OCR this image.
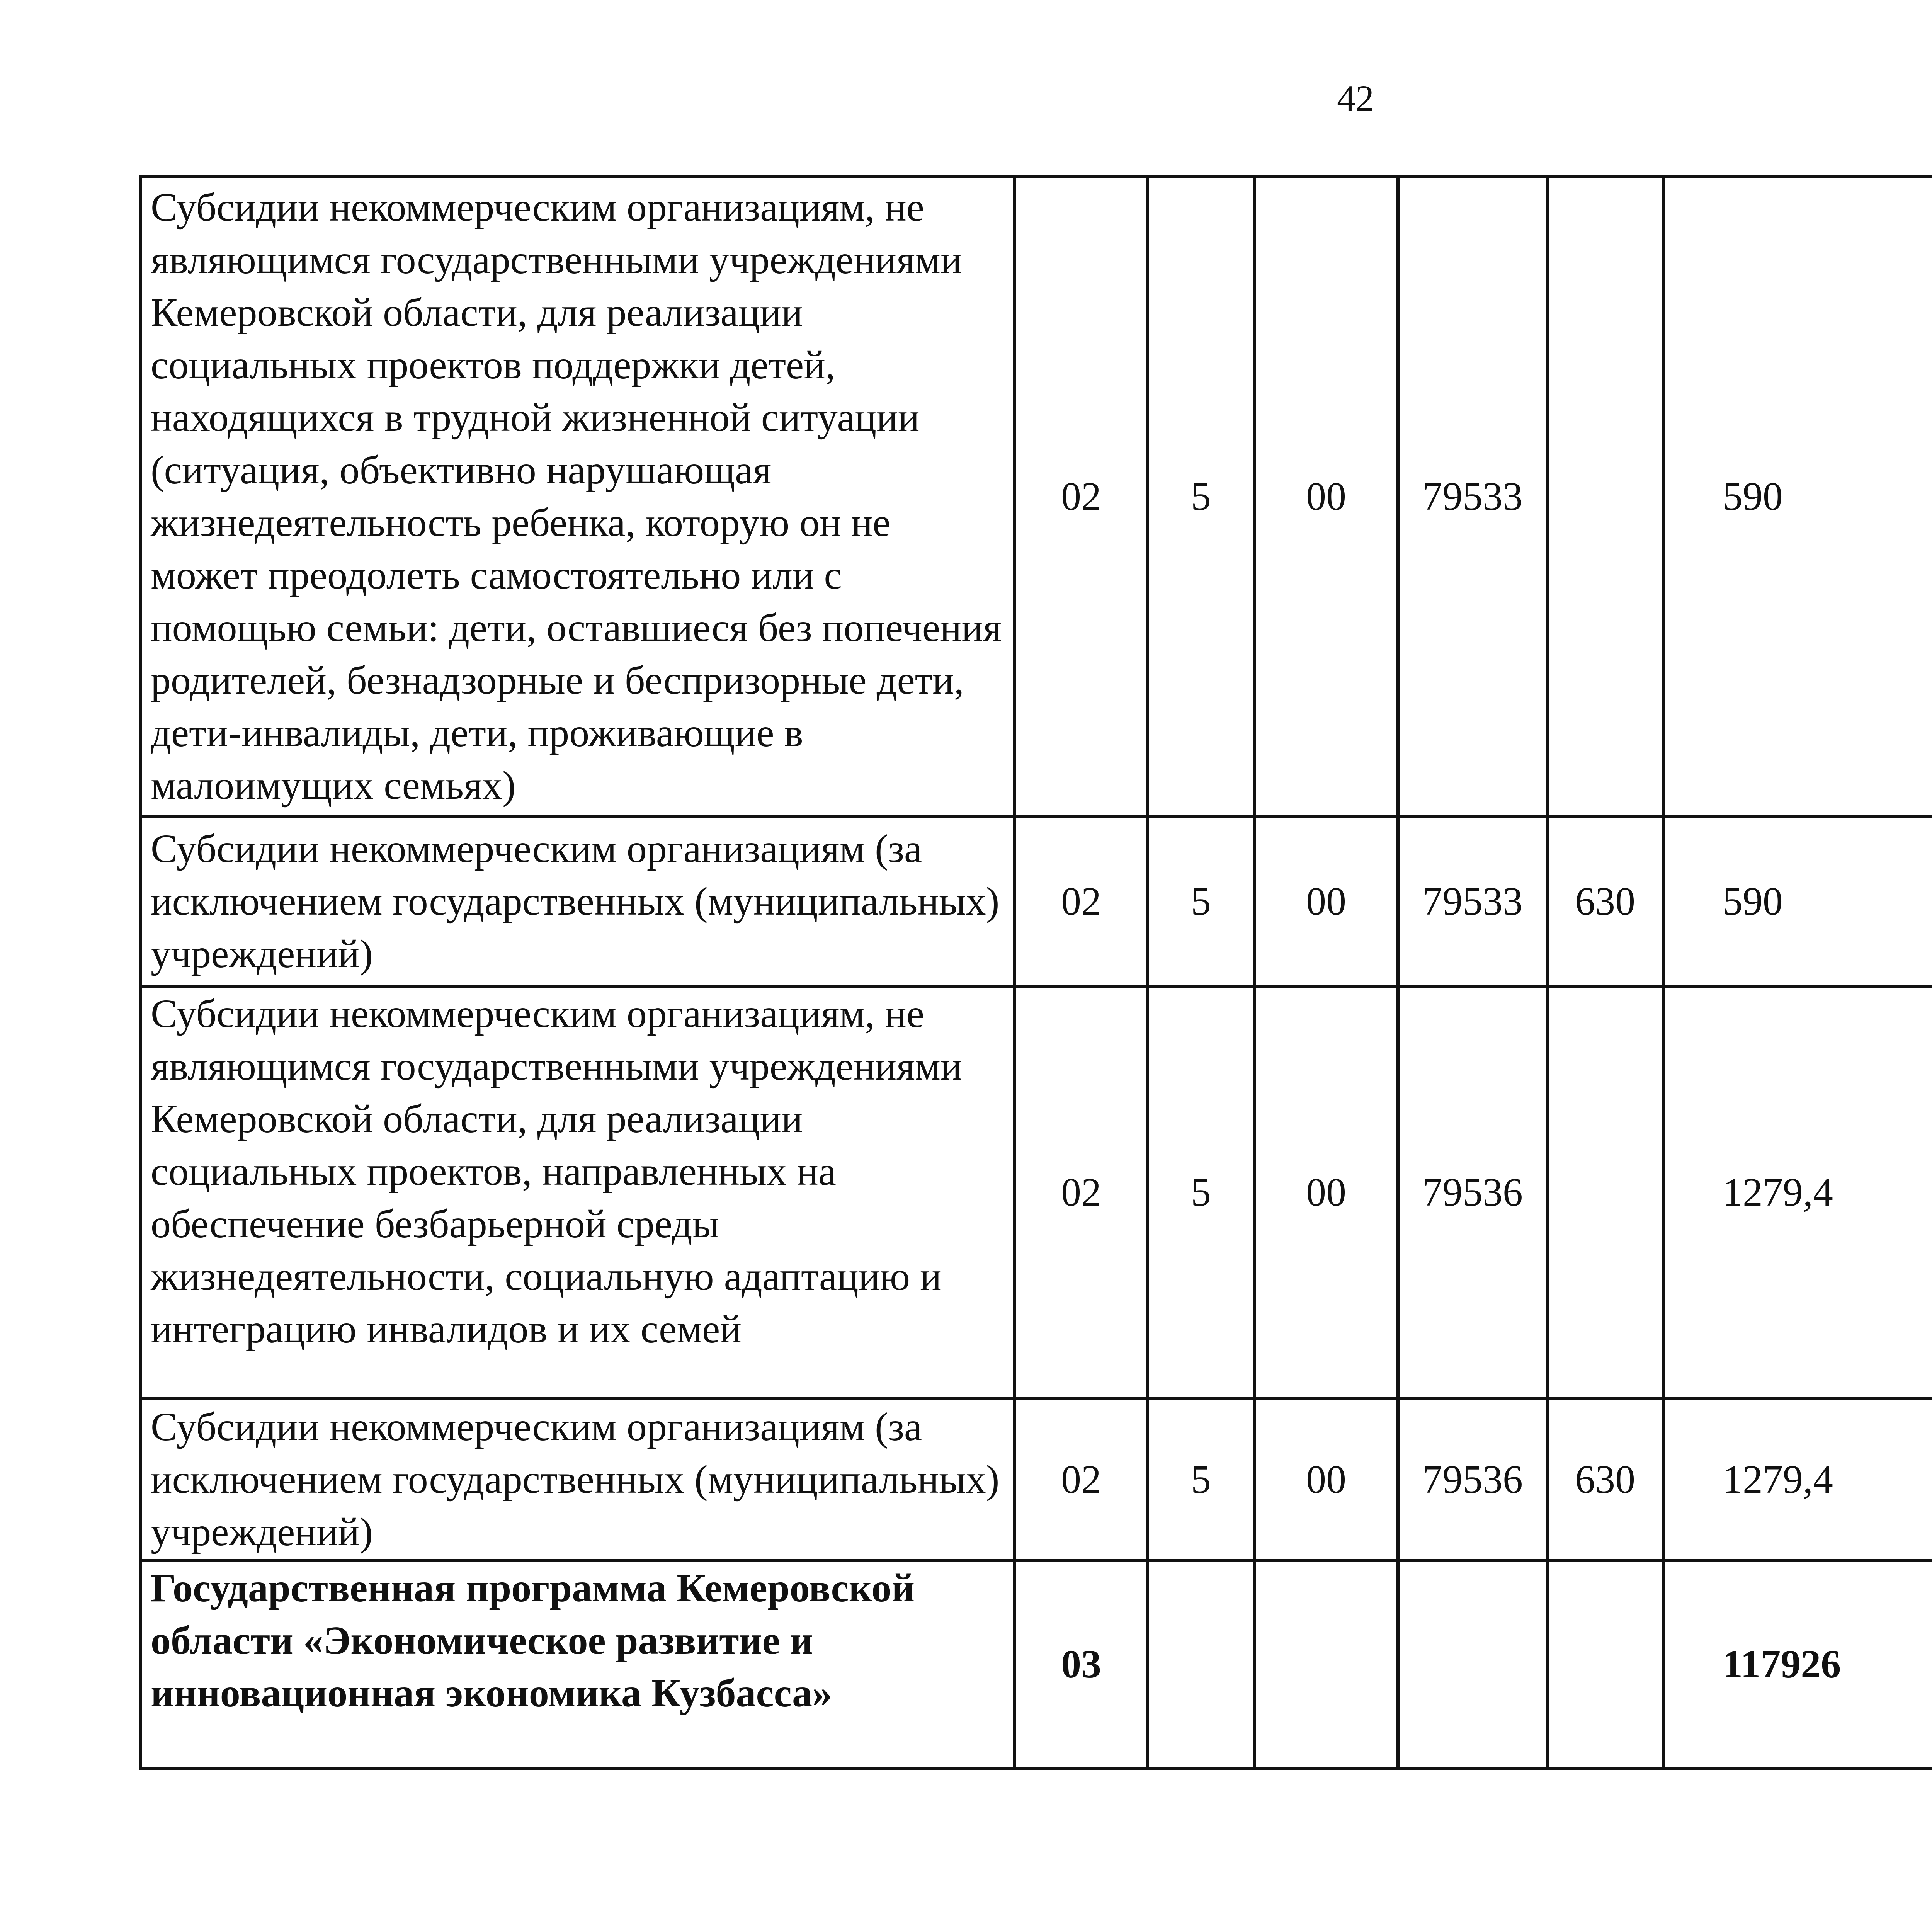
42
Субсидии некоммерческим организациям, не являющимся государственными учреждениями Кемеровской области, для реализации социальных проектов поддержки детей, находящихся в трудной жизненной ситуации (ситуация, объективно нарушающая жизнедеятельность ребенка, которую он не может преодолеть самостоятельно или с помощью семьи: дети, оставшиеся без попечения родителей, безнадзорные и беспризорные дети, дети-инвалиды, дети, проживающие в малоимущих семьях)	02	5	00	79533		590		
Субсидии некоммерческим организациям (за исключением государственных (муниципальных) учреждений)	02	5	00	79533	630	590		
Субсидии некоммерческим организациям, не являющимся государственными учреждениями Кемеровской области, для реализации социальных проектов, направленных на обеспечение безбарьерной среды жизнедеятельности, социальную адаптацию и интеграцию инвалидов и их семей	02	5	00	79536		1279,4		
Субсидии некоммерческим организациям (за исключением государственных (муниципальных) учреждений)	02	5	00	79536	630	1279,4		
Государственная программа Кемеровской области «Экономическое развитие и инновационная экономика Кузбасса»	03					117926		
